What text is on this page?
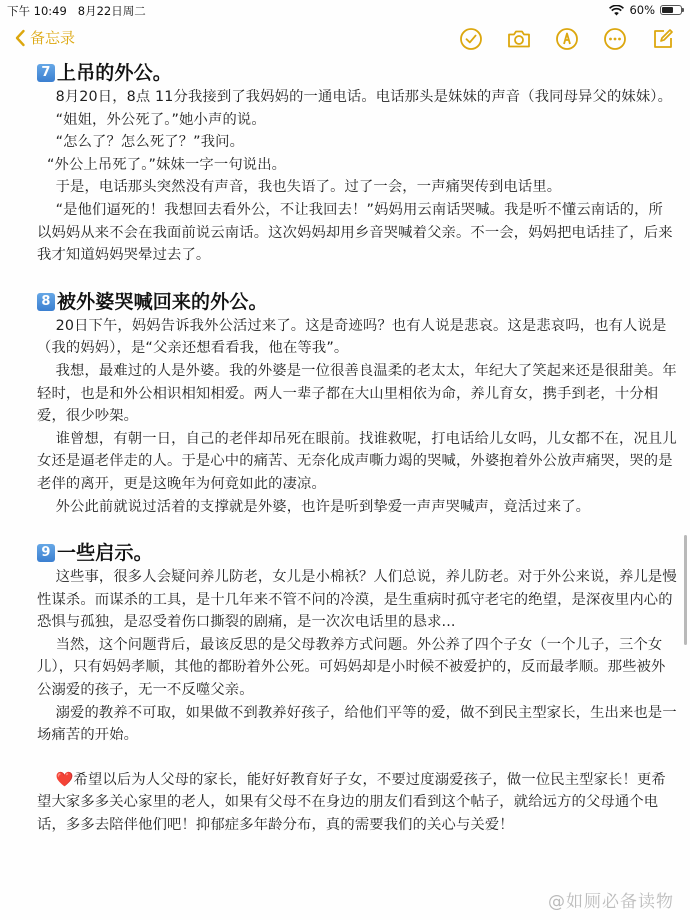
下午 10:49 8月22日周二	60%
备忘录
7 上吊的外公。

8月20日，8点 11分我接到了我妈妈的一通电话。电话那头是妹妹的声音（我同母异父的妹妹）。

“姐姐，外公死了。”她小声的说。

“怎么了？怎么死了？”我问。

“外公上吊死了。”妹妹一字一句说出。

于是，电话那头突然没有声音，我也失语了。过了一会，一声痛哭传到电话里。

“是他们逼死的！我想回去看外公，不让我回去！”妈妈用云南话哭喊。我是听不懂云南话的，所以妈妈从来不会在我面前说云南话。这次妈妈却用乡音哭喊着父亲。不一会，妈妈把电话挂了，后来我才知道妈妈哭晕过去了。

8 被外婆哭喊回来的外公。

20日下午，妈妈告诉我外公活过来了。这是奇迹吗？也有人说是悲哀。这是悲哀吗，也有人说是（我的妈妈），是“父亲还想看看我，他在等我”。

我想，最难过的人是外婆。我的外婆是一位很善良温柔的老太太，年纪大了笑起来还是很甜美。年轻时，也是和外公相识相知相爱。两人一辈子都在大山里相依为命，养儿育女，携手到老，十分相爱，很少吵架。

谁曾想，有朝一日，自己的老伴却吊死在眼前。找谁救呢，打电话给儿女吗，儿女都不在，况且儿女还是逼老伴走的人。于是心中的痛苦、无奈化成声嘶力竭的哭喊，外婆抱着外公放声痛哭，哭的是老伴的离开，更是这晚年为何竟如此的凄凉。

外公此前就说过活着的支撑就是外婆，也许是听到挚爱一声声哭喊声，竟活过来了。

9 一些启示。

这些事，很多人会疑问养儿防老，女儿是小棉袄？人们总说，养儿防老。对于外公来说，养儿是慢性谋杀。而谋杀的工具，是十几年来不管不问的冷漠，是生重病时孤守老宅的绝望，是深夜里内心的恐惧与孤独，是忍受着伤口撕裂的剧痛，是一次次电话里的恳求...

当然，这个问题背后，最该反思的是父母教养方式问题。外公养了四个子女（一个儿子，三个女儿），只有妈妈孝顺，其他的都盼着外公死。可妈妈却是小时候不被爱护的，反而最孝顺。那些被外公溺爱的孩子，无一不反噬父亲。

溺爱的教养不可取，如果做不到教养好孩子，给他们平等的爱，做不到民主型家长，生出来也是一场痛苦的开始。

❤️希望以后为人父母的家长，能好好教育好子女，不要过度溺爱孩子，做一位民主型家长！更希望大家多多关心家里的老人，如果有父母不在身边的朋友们看到这个帖子，就给远方的父母通个电话，多多去陪伴他们吧！抑郁症多年龄分布，真的需要我们的关心与关爱！

@如厕必备读物
